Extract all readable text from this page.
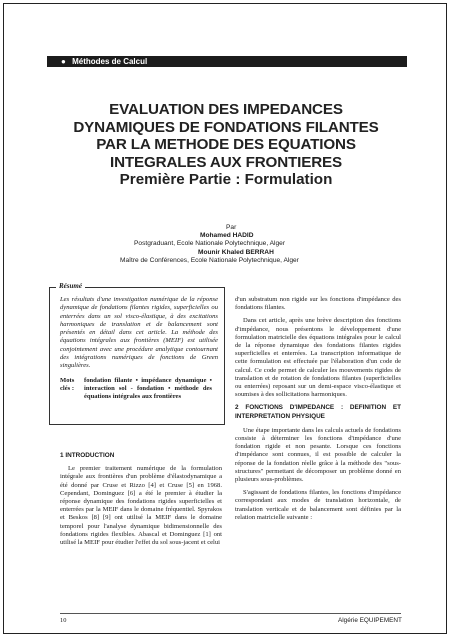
● Méthodes de Calcul
EVALUATION DES IMPEDANCES
DYNAMIQUES DE FONDATIONS FILANTES
PAR LA METHODE DES EQUATIONS
INTEGRALES AUX FRONTIERES
Première Partie : Formulation
Par
Mohamed HADID
Postgraduant, Ecole Nationale Polytechnique, Alger
Mounir Khaled BERRAH
Maître de Conférences, Ecole Nationale Polytechnique, Alger
Résumé
Les résultats d'une investigation numérique de la réponse dynamique de fondations filantes rigides, superficielles ou enterrées dans un sol visco-élastique, à des excitations harmoniques de translation et de balancement sont présentés en détail dans cet article. La méthode des équations intégrales aux frontières (MEIF) est utilisée conjointement avec une procédure analytique contournant des intégrations numériques de fonctions de Green singulières.
Mots clés :fondation filante • impédance dynamique • interaction sol - fondation • méthode des équations intégrales aux frontières
1 INTRODUCTION

Le premier traitement numérique de la formulation intégrale aux frontières d'un problème d'élastodynamique a été donné par Cruse et Rizzo [4] et Cruse [5] en 1968. Cependant, Dominguez [6] a été le premier à étudier la réponse dynamique des fondations rigides superficielles et enterrées par la MEIF dans le domaine fréquentiel. Spyrakos et Beskos [8] [9] ont utilisé la MEIF dans le domaine temporel pour l'analyse dynamique bidimensionnelle des fondations rigides flexibles. Abascal et Dominguez [1] ont utilisé la MEIF pour étudier l'effet du sol sous-jacent et celui

d'un substratum non rigide sur les fonctions d'impédance des fondations filantes.

Dans cet article, après une brève description des fonctions d'impédance, nous présentons le développement d'une formulation matricielle des équations intégrales pour le calcul de la réponse dynamique des fondations filantes rigides superficielles et enterrées. La transcription informatique de cette formulation est effectuée par l'élaboration d'un code de calcul. Ce code permet de calculer les mouvements rigides de translation et de rotation de fondations filantes (superficielles ou enterrées) reposant sur un demi-espace visco-élastique et soumises à des sollicitations harmoniques.

2 FONCTIONS D'IMPEDANCE : DEFINITION ET INTERPRETATION PHYSIQUE

Une étape importante dans les calculs actuels de fondations consiste à déterminer les fonctions d'impédance d'une fondation rigide et non pesante. Lorsque ces fonctions d'impédance sont connues, il est possible de calculer la réponse de la fondation réelle grâce à la méthode des "sous-structures" permettant de décomposer un problème donné en plusieurs sous-problèmes.

S'agissant de fondations filantes, les fonctions d'impédance correspondant aux modes de translation horizontale, de translation verticale et de balancement sont définies par la relation matricielle suivante :

10	Algérie EQUIPEMENT
